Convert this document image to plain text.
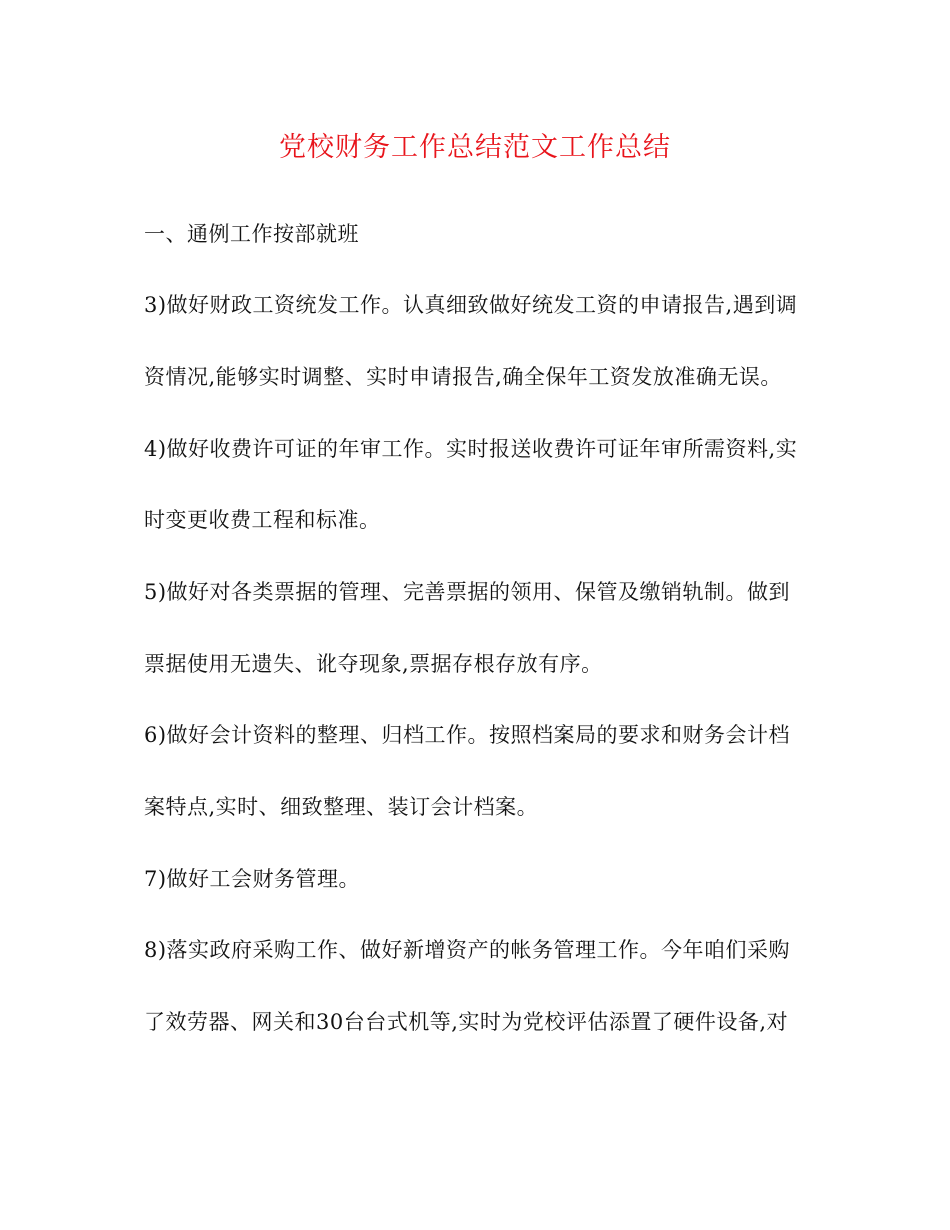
党校财务工作总结范文工作总结
一、通例工作按部就班
3)做好财政工资统发工作。认真细致做好统发工资的申请报告,遇到调
资情况,能够实时调整、实时申请报告,确全保年工资发放准确无误。
4)做好收费许可证的年审工作。实时报送收费许可证年审所需资料,实
时变更收费工程和标准。
5)做好对各类票据的管理、完善票据的领用、保管及缴销轨制。做到
票据使用无遗失、讹夺现象,票据存根存放有序。
6)做好会计资料的整理、归档工作。按照档案局的要求和财务会计档
案特点,实时、细致整理、装订会计档案。
7)做好工会财务管理。
8)落实政府采购工作、做好新增资产的帐务管理工作。今年咱们采购
了效劳器、网关和30台台式机等,实时为党校评估添置了硬件设备,对
